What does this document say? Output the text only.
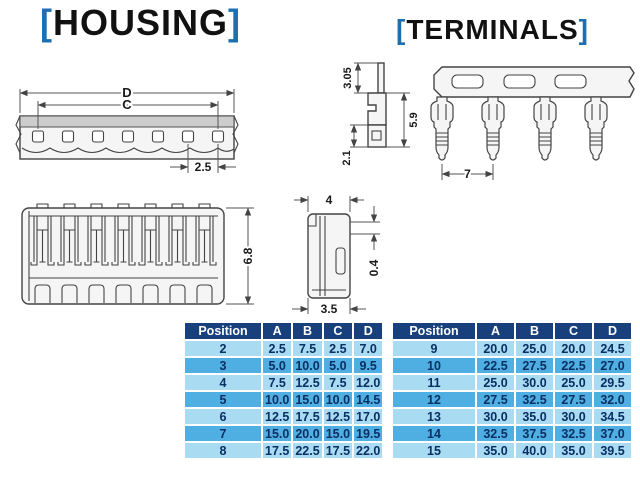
[HOUSING]	[TERMINALS]
D
C
2.5
6.8
4
0.4
3.5
3.05
5.9
2.1
7
Position	A	B	C	D
2	2.5	7.5	2.5	7.0
3	5.0	10.0	5.0	9.5
4	7.5	12.5	7.5	12.0
5	10.0	15.0	10.0	14.5
6	12.5	17.5	12.5	17.0
7	15.0	20.0	15.0	19.5
8	17.5	22.5	17.5	22.0
Position	A	B	C	D
9	20.0	25.0	20.0	24.5
10	22.5	27.5	22.5	27.0
11	25.0	30.0	25.0	29.5
12	27.5	32.5	27.5	32.0
13	30.0	35.0	30.0	34.5
14	32.5	37.5	32.5	37.0
15	35.0	40.0	35.0	39.5
